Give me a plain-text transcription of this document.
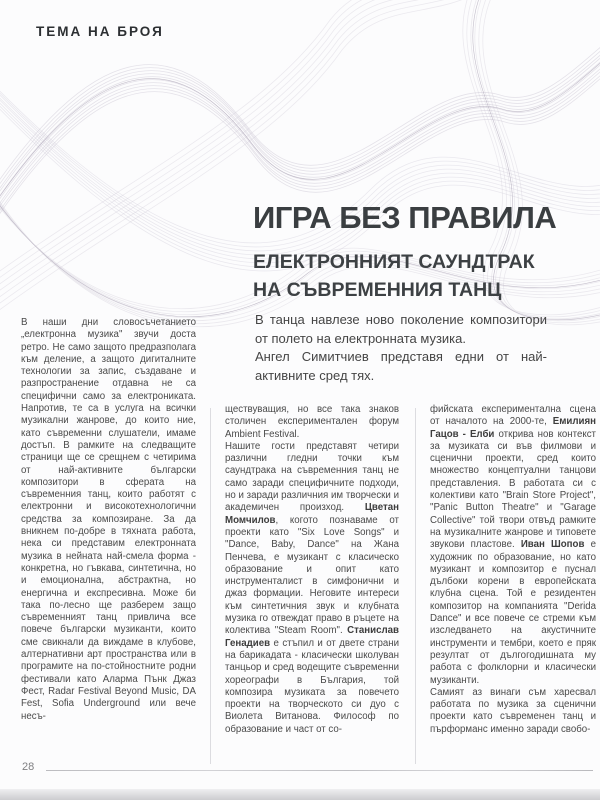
ТЕМА НА БРОЯ
ИГРА БЕЗ ПРАВИЛА
ЕЛЕКТРОННИЯТ САУНДТРАК
НА СЪВРЕМЕННИЯ ТАНЦ

В танца навлезе ново поколение композитори от полето на електронната музика.

Ангел Симитчиев представя едни от най-активните сред тях.

В наши дни словосъчетанието „електронна музика" звучи доста ретро. Не само защото предразполага към деление, а защото дигиталните технологии за запис, създаване и разпространение отдавна не са специфични само за електрониката. Напротив, те са в услуга на всички музикални жанрове, до които ние, като съвременни слушатели, имаме достъп. В рамките на следващите страници ще се срещнем с четирима от най-активните български композитори в сферата на съвременния танц, които работят с електронни и високотехнологични средства за композиране. За да вникнем по-добре в тяхната работа, нека си представим електронната музика в нейната най-смела форма - конкретна, но гъвкава, синтетична, но и емоционална, абстрактна, но енергична и експресивна. Може би така по-лесно ще разберем защо съвременният танц привлича все повече български музиканти, които сме свикнали да виждаме в клубове, алтернативни арт пространства или в програмите на по-стойностните родни фестивали като Аларма Пънк Джаз Фест, Radar Festival Beyond Music, DA Fest, Sofia Underground или вече несъ-

ществуващия, но все така знаков столичен експериментален форум Ambient Festival.

Нашите гости представят четири различни гледни точки към саундтрака на съвременния танц не само заради специфичните подходи, но и заради различния им творчески и академичен произход. Цветан Момчилов, когото познаваме от проекти като "Six Love Songs" и "Dance, Baby, Dance" на Жана Пенчева, е музикант с класическо образование и опит като инструменталист в симфонични и джаз формации. Неговите интереси към синтетичния звук и клубната музика го отвеждат право в ръцете на колектива "Steam Room". Станислав Генадиев е стъпил и от двете страни на барикадата - класически школуван танцьор и сред водещите съвременни хореографи в България, той композира музиката за повечето проекти на творческото си дуо с Виолета Витанова. Философ по образование и част от со-

фийската експериментална сцена от началото на 2000-те, Емилиян Гацов - Елби открива нов контекст за музиката си във филмови и сценични проекти, сред които множество концептуални танцови представления. В работата си с колективи като "Brain Store Project", "Panic Button Theatre" и "Garage Collective" той твори отвъд рамките на музикалните жанрове и типовете звукови пластове. Иван Шопов е художник по образование, но като музикант и композитор е пуснал дълбоки корени в европейската клубна сцена. Той е резидентен композитор на компанията "Derida Dance" и все повече се стреми към изследването на акустичните инструменти и тембри, което е пряк резултат от дългогодишната му работа с фолклорни и класически музиканти.

Самият аз винаги съм харесвал работата по музика за сценични проекти като съвременен танц и пърформанс именно заради свобо-

28
